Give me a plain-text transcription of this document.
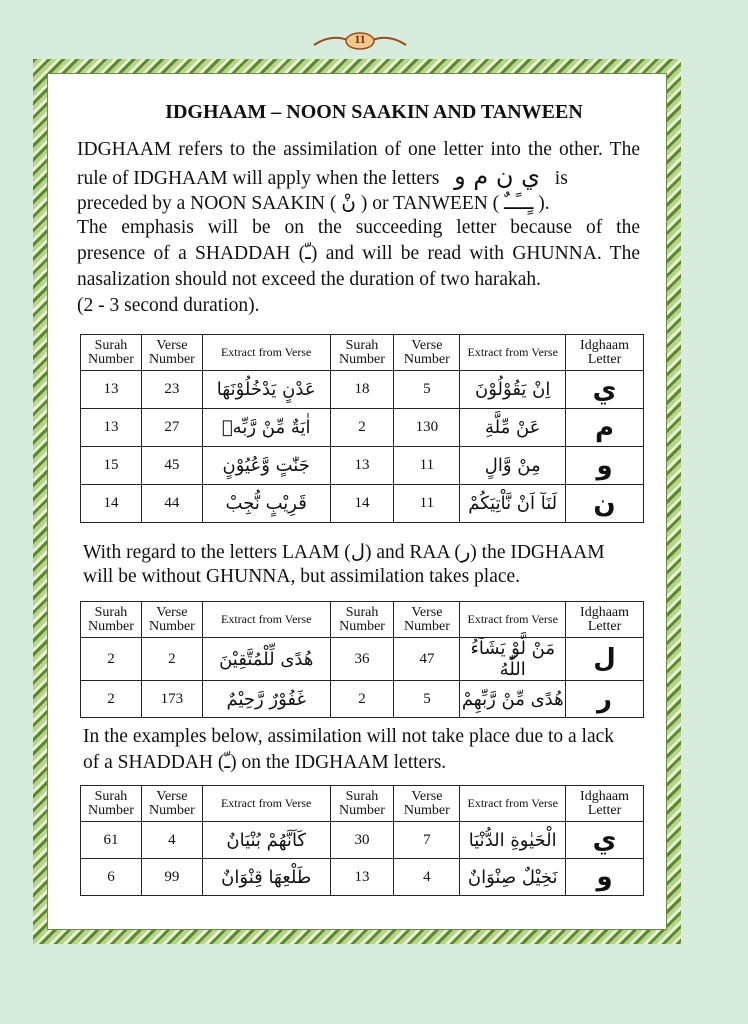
11
IDGHAAM – NOON SAAKIN AND TANWEEN
IDGHAAM refers to the assimilation of one letter into the other. The
rule of IDGHAAM will apply when the letters ي ن م و is
preceded by a NOON SAAKIN ( نْ ) or TANWEEN ( ـٍــًــٌ ).
The emphasis will be on the succeeding letter because of the
presence of a SHADDAH (ـّ) and will be read with GHUNNA. The
nasalization should not exceed the duration of two harakah.
(2 - 3 second duration).
Surah Number	Verse Number	Extract from Verse	Surah Number	Verse Number	Extract from Verse	Idghaam Letter
13	23	عَدْنٍ يَدْخُلُوْنَهَا	18	5	اِنْ يَقُوْلُوْنَ	ي
13	27	اٰيَةٌ مِّنْ رَّبِّهٖ	2	130	عَنْ مِّلَّةِ	م
15	45	جَنّٰتٍ وَّعُيُوْنٍ	13	11	مِنْ وَّالٍ	و
14	44	قَرِيْبٍ نُّجِبْ	14	11	لَنَآ اَنْ نَّاْتِيَكُمْ	ن
With regard to the letters LAAM (ل) and RAA (ر) the IDGHAAM
will be without GHUNNA, but assimilation takes place.
Surah Number	Verse Number	Extract from Verse	Surah Number	Verse Number	Extract from Verse	Idghaam Letter
2	2	هُدًى لِّلْمُتَّقِيْنَ	36	47	مَنْ لَّوْ يَشَآءُ اللّٰهُ	ل
2	173	غَفُوْرٌ رَّحِيْمٌ	2	5	هُدًى مِّنْ رَّبِّهِمْ	ر
In the examples below, assimilation will not take place due to a lack
of a SHADDAH (ـّ) on the IDGHAAM letters.
Surah Number	Verse Number	Extract from Verse	Surah Number	Verse Number	Extract from Verse	Idghaam Letter
61	4	كَاَنَّهُمْ بُنْيَانٌ	30	7	الْحَيٰوةِ الدُّنْيَا	ي
6	99	طَلْعِهَا قِنْوَانٌ	13	4	نَخِيْلٌ صِنْوَانٌ	و
